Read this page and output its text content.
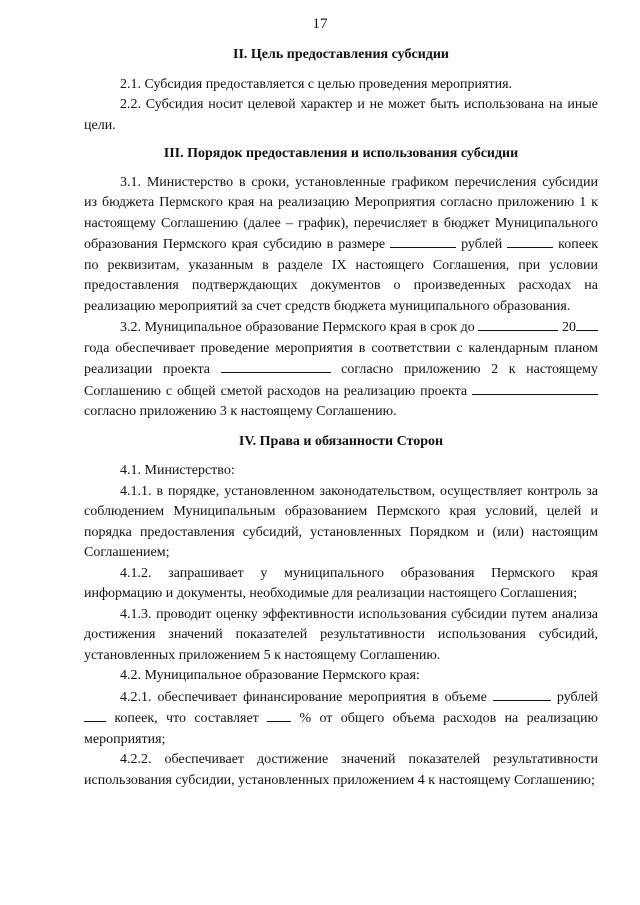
17
II. Цель предоставления субсидии

2.1. Субсидия предоставляется с целью проведения мероприятия.

2.2. Субсидия носит целевой характер и не может быть использована на иные цели.

III. Порядок предоставления и использования субсидии

3.1. Министерство в сроки, установленные графиком перечисления субсидии из бюджета Пермского края на реализацию Мероприятия согласно приложению 1 к настоящему Соглашению (далее – график), перечисляет в бюджет Муниципального образования Пермского края субсидию в размере	рублей	копеек по реквизитам, указанным в разделе IX настоящего Соглашения, при условии предоставления подтверждающих документов о произведенных расходах на реализацию мероприятий за счет средств бюджета муниципального образования.

3.2. Муниципальное образование Пермского края в срок до	20 года обеспечивает проведение мероприятия в соответствии с календарным планом реализации проекта	согласно приложению 2 к настоящему Соглашению с общей сметой расходов на реализацию проекта  согласно приложению 3 к настоящему Соглашению.

IV. Права и обязанности Сторон

4.1. Министерство:

4.1.1. в порядке, установленном законодательством, осуществляет контроль за соблюдением Муниципальным образованием Пермского края условий, целей и порядка предоставления субсидий, установленных Порядком и (или) настоящим Соглашением;

4.1.2. запрашивает у муниципального образования Пермского края информацию и документы, необходимые для реализации настоящего Соглашения;

4.1.3. проводит оценку эффективности использования субсидии путем анализа достижения значений показателей результативности использования субсидий, установленных приложением 5 к настоящему Соглашению.

4.2. Муниципальное образование Пермского края:

4.2.1. обеспечивает финансирование мероприятия в объеме	рублей  копеек, что составляет  % от общего объема расходов на реализацию мероприятия;

4.2.2. обеспечивает достижение значений показателей результативности использования субсидии, установленных приложением 4 к настоящему Соглашению;
